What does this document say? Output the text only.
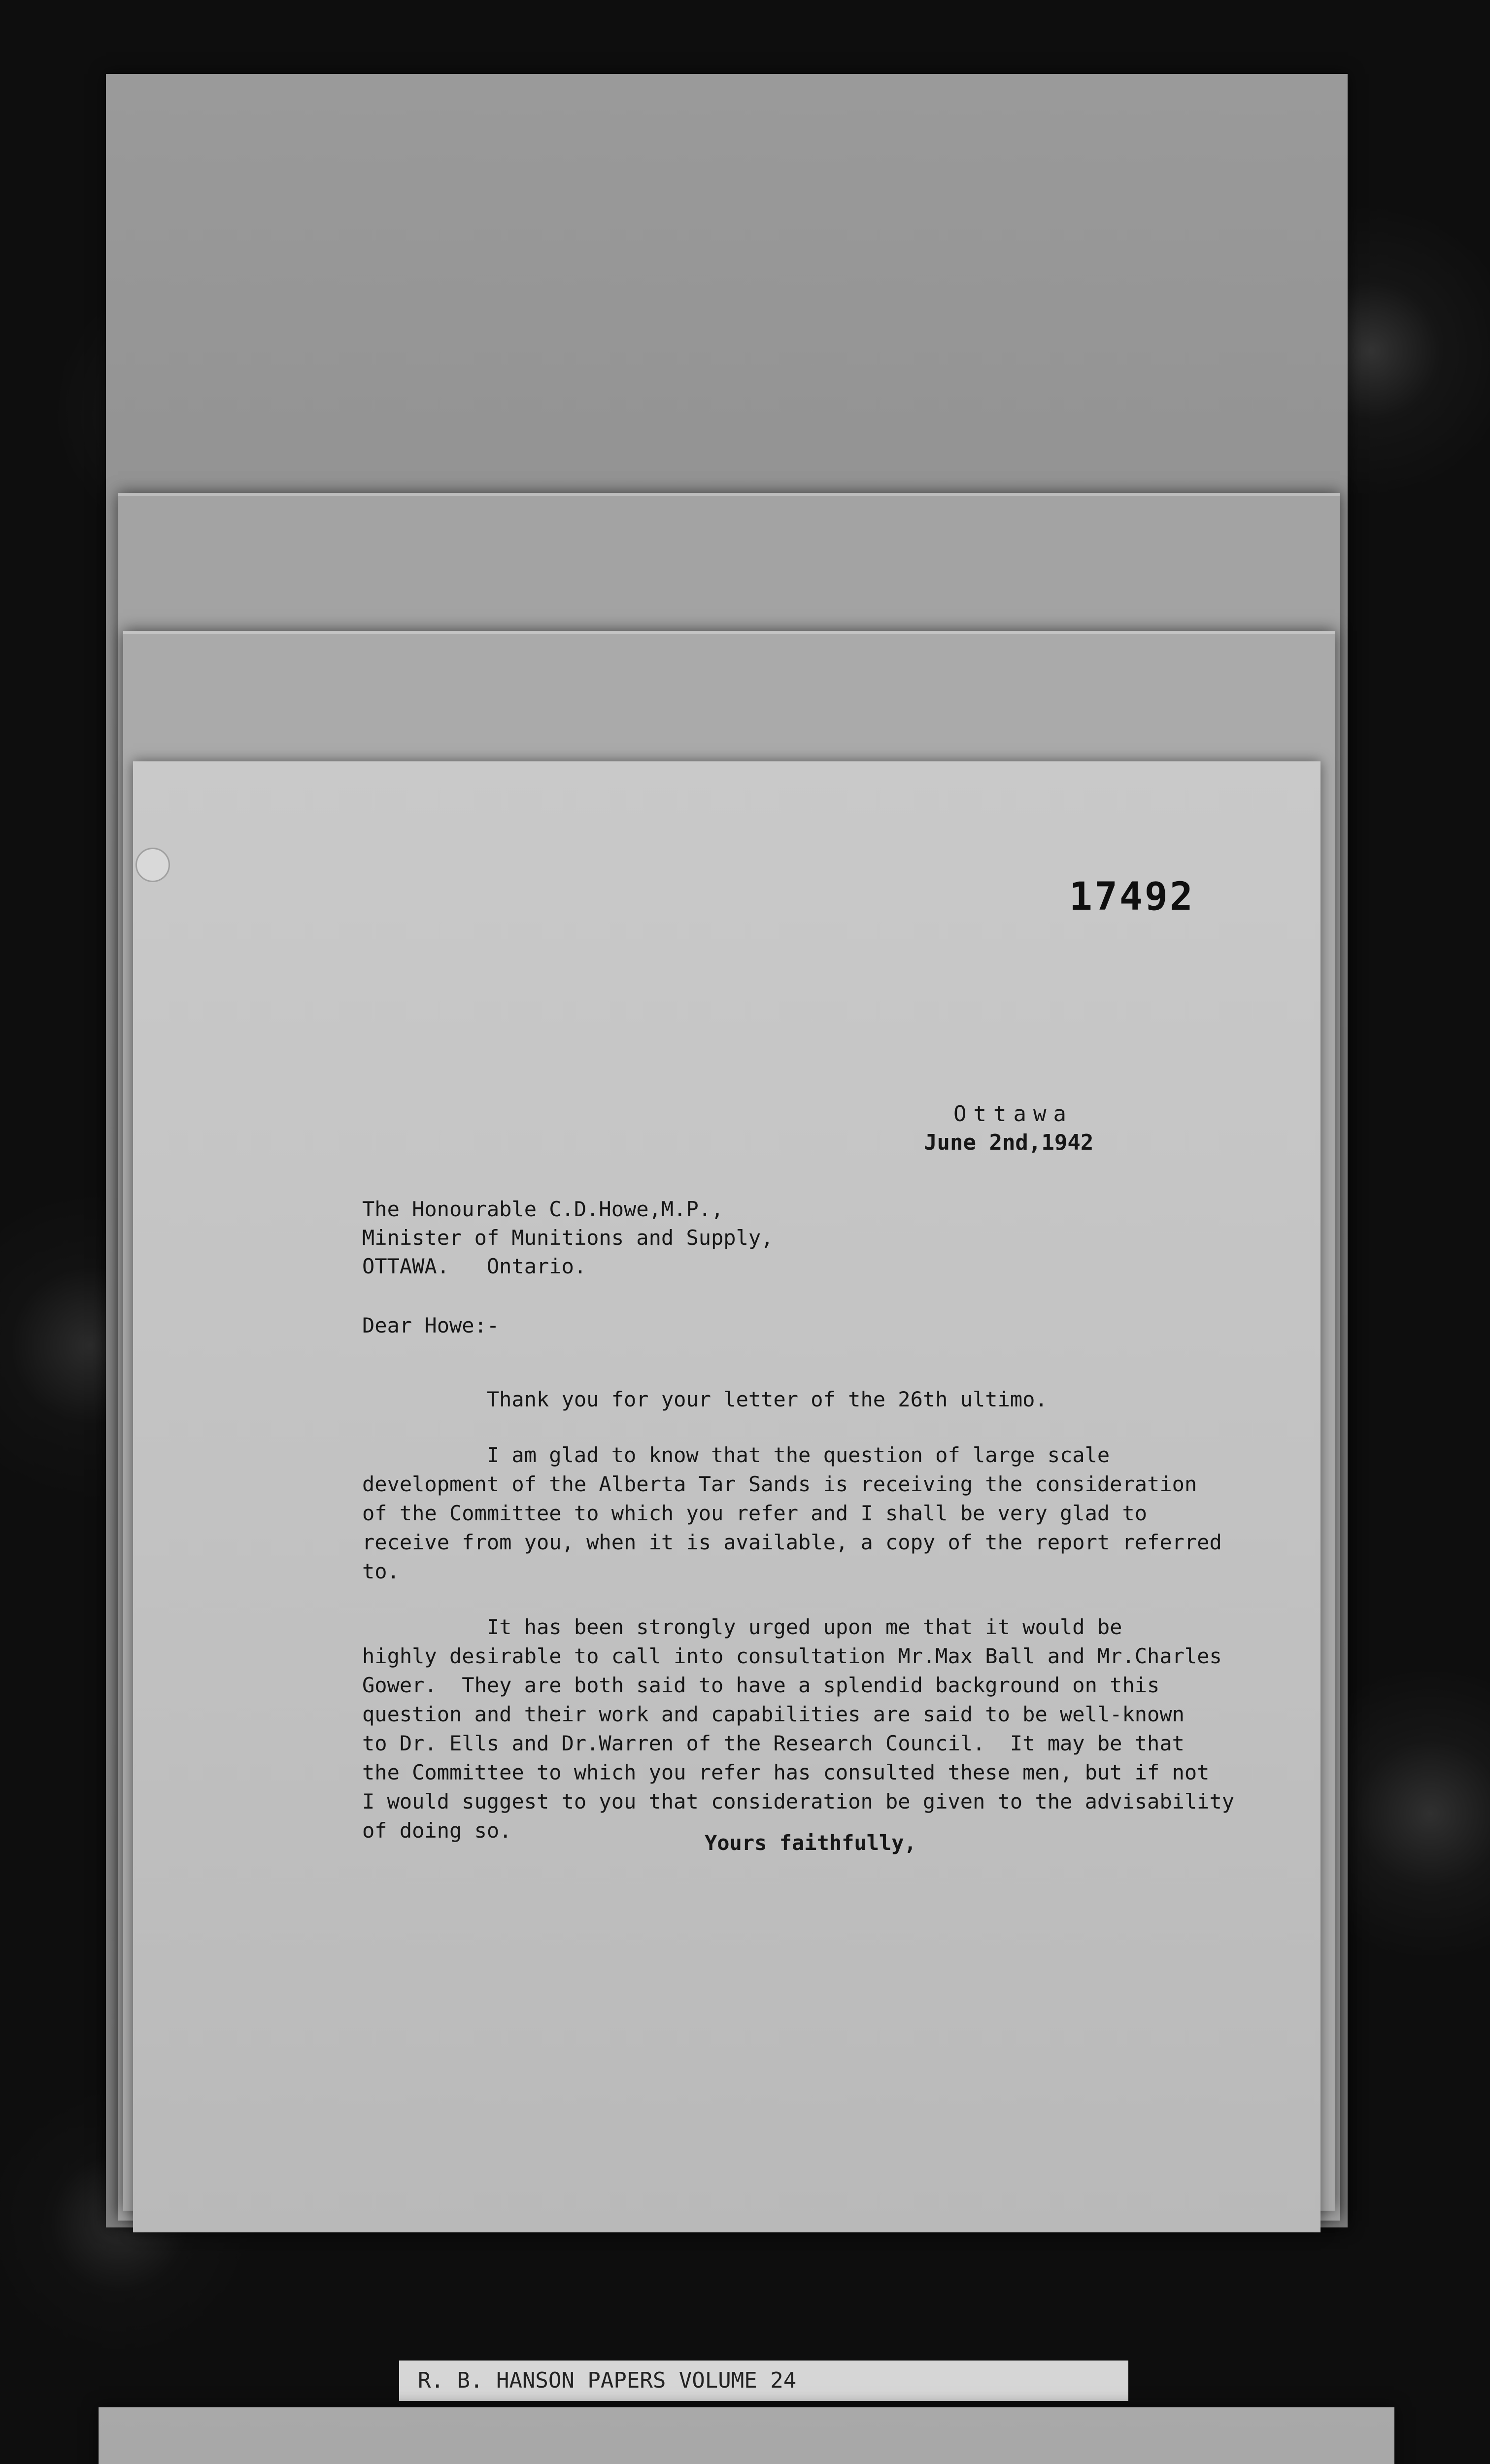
17492
Ottawa
June 2nd,1942
The Honourable C.D.Howe,M.P.,
Minister of Munitions and Supply,
OTTAWA.   Ontario.
Dear Howe:-

Thank you for your letter of the 26th ultimo.

I am glad to know that the question of large scale
development of the Alberta Tar Sands is receiving the consideration
of the Committee to which you refer and I shall be very glad to
receive from you, when it is available, a copy of the report referred
to.

It has been strongly urged upon me that it would be
highly desirable to call into consultation Mr.Max Ball and Mr.Charles
Gower.  They are both said to have a splendid background on this
question and their work and capabilities are said to be well-known
to Dr. Ells and Dr.Warren of the Research Council.  It may be that
the Committee to which you refer has consulted these men, but if not
I would suggest to you that consideration be given to the advisability
of doing so.

Yours faithfully,
R. B. HANSON PAPERS VOLUME 24
